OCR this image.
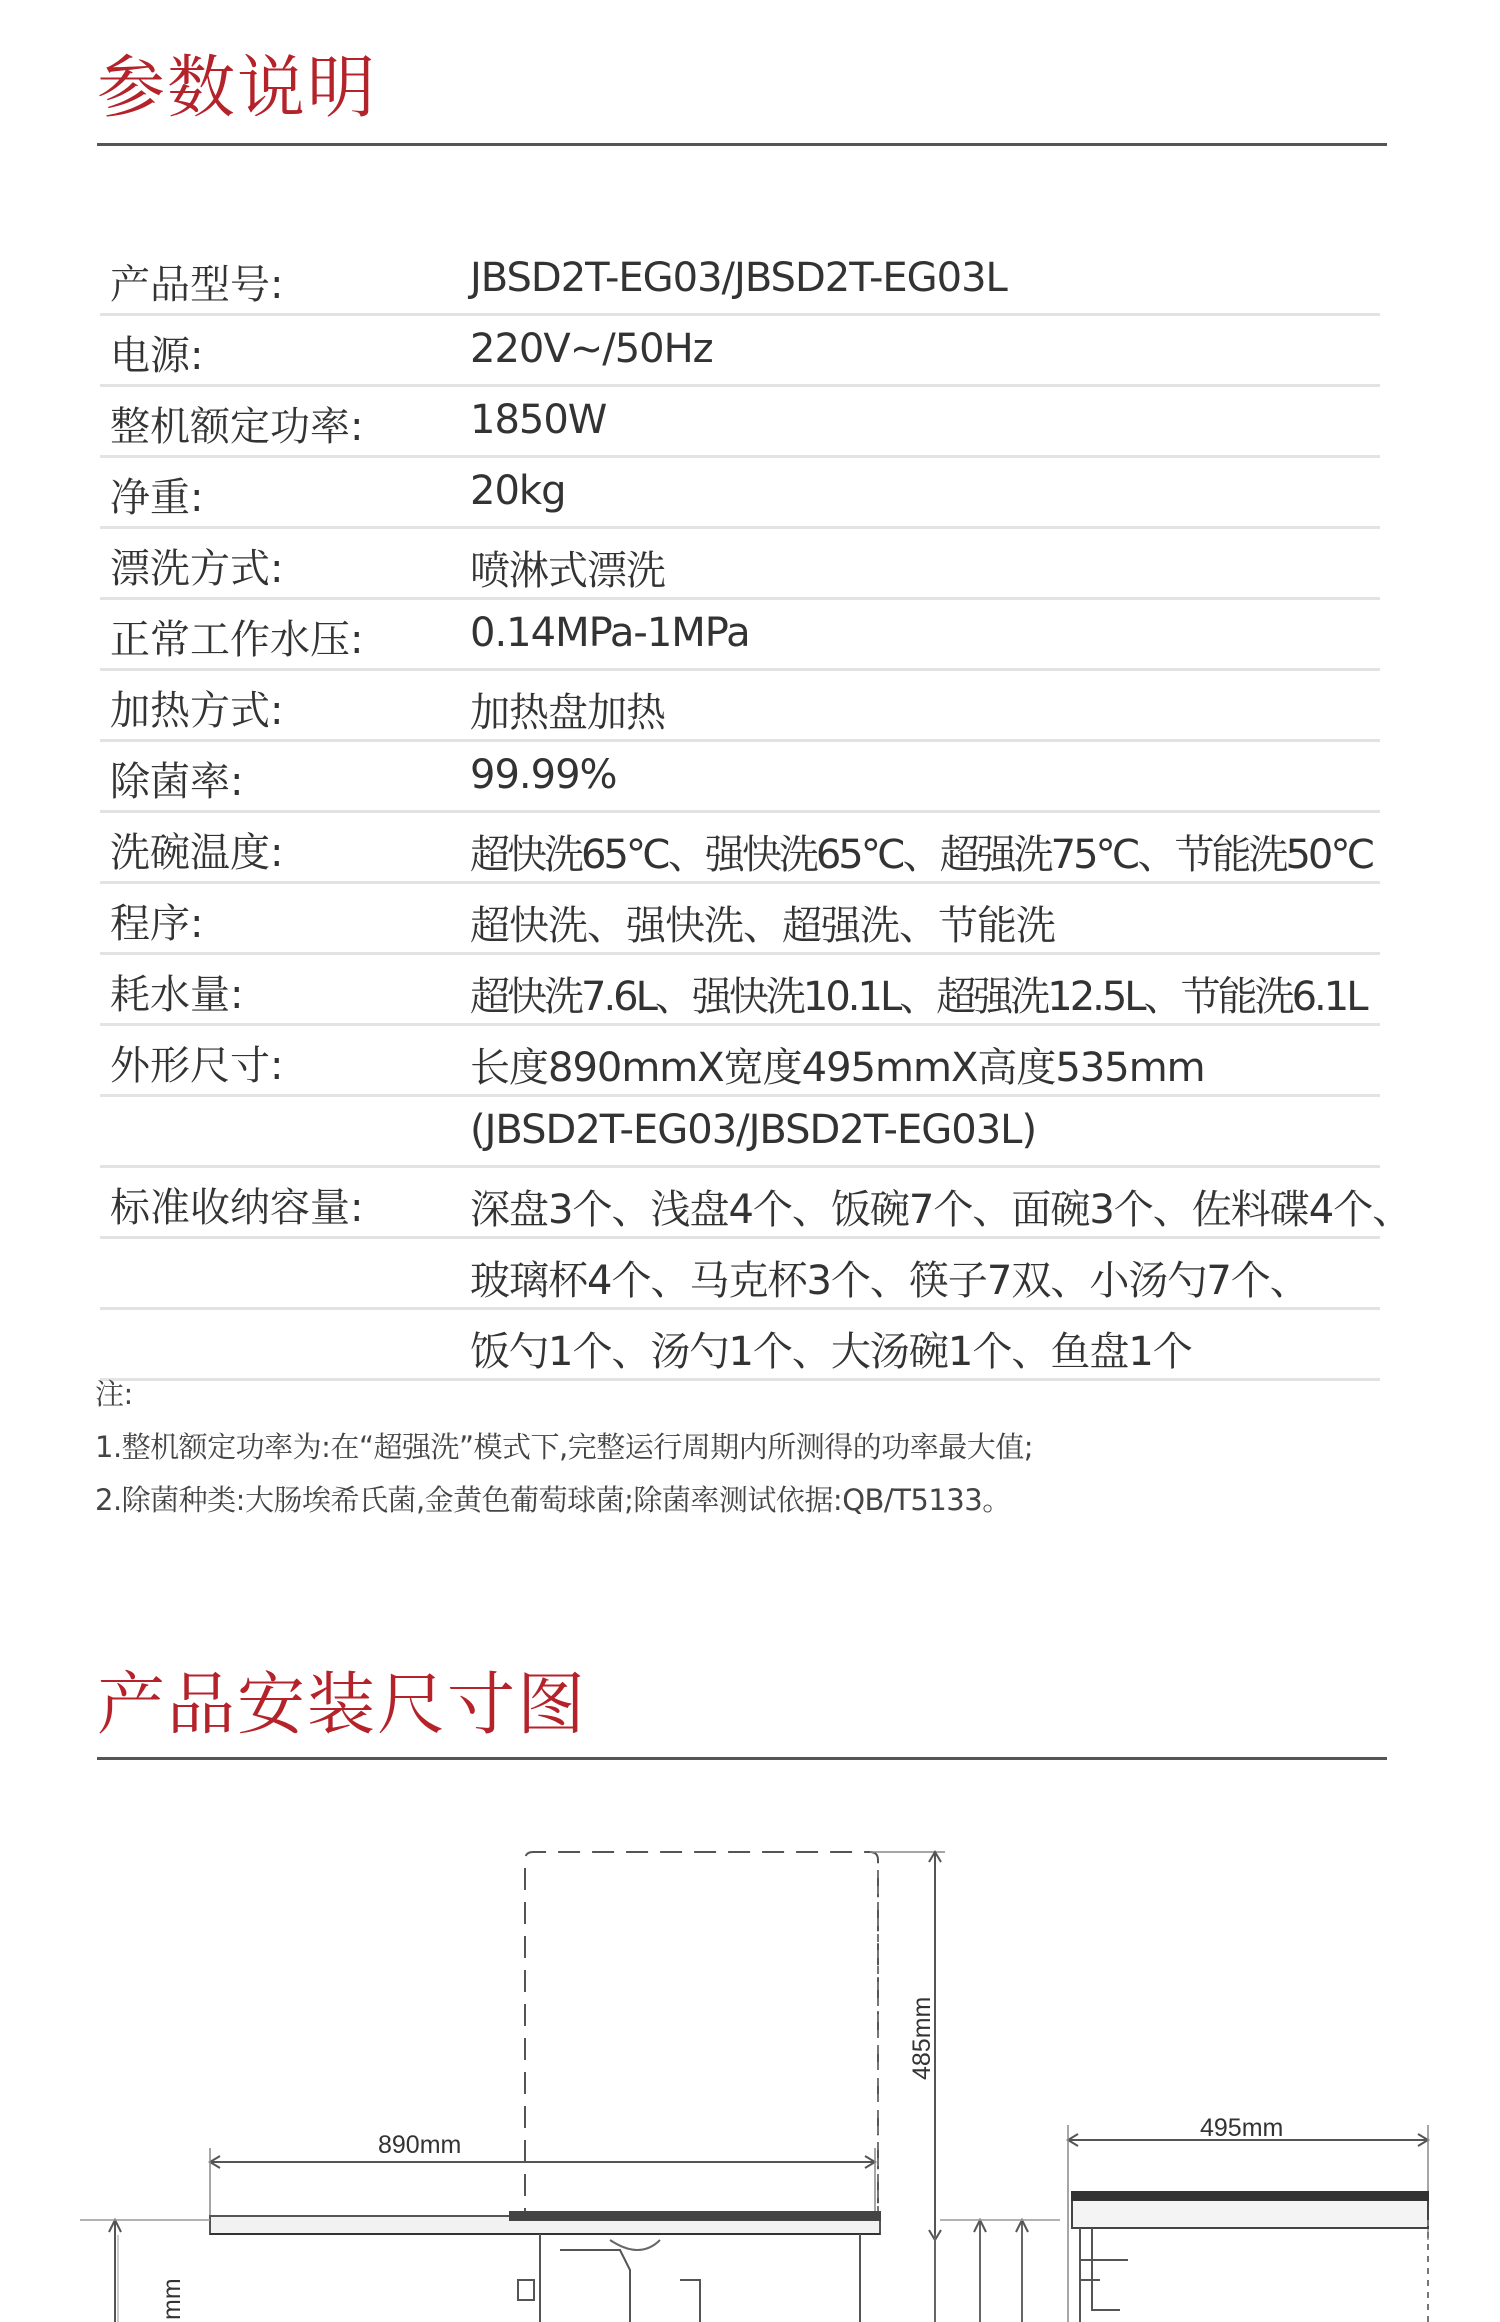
参数说明
产品型号:	JBSD2T-EG03/JBSD2T-EG03L
电源:	220V~/50Hz
整机额定功率:	1850W
净重:	20kg
漂洗方式:	喷淋式漂洗
正常工作水压:	0.14MPa-1MPa
加热方式:	加热盘加热
除菌率:	99.99%
洗碗温度:	超快洗65℃、强快洗65℃、超强洗75℃、节能洗50℃
程序:	超快洗、强快洗、超强洗、节能洗
耗水量:	超快洗7.6L、强快洗10.1L、超强洗12.5L、节能洗6.1L
外形尺寸:	长度890mmX宽度495mmX高度535mm
(JBSD2T-EG03/JBSD2T-EG03L)
标准收纳容量:	深盘3个、浅盘4个、饭碗7个、面碗3个、佐料碟4个、
玻璃杯4个、马克杯3个、筷子7双、小汤勺7个、
饭勺1个、汤勺1个、大汤碗1个、鱼盘1个
注:
1.整机额定功率为:在“超强洗”模式下,完整运行周期内所测得的功率最大值;
2.除菌种类:大肠埃希氏菌,金黄色葡萄球菌;除菌率测试依据:QB/T5133。
产品安装尺寸图
890mm
495mm
485mm
mm
